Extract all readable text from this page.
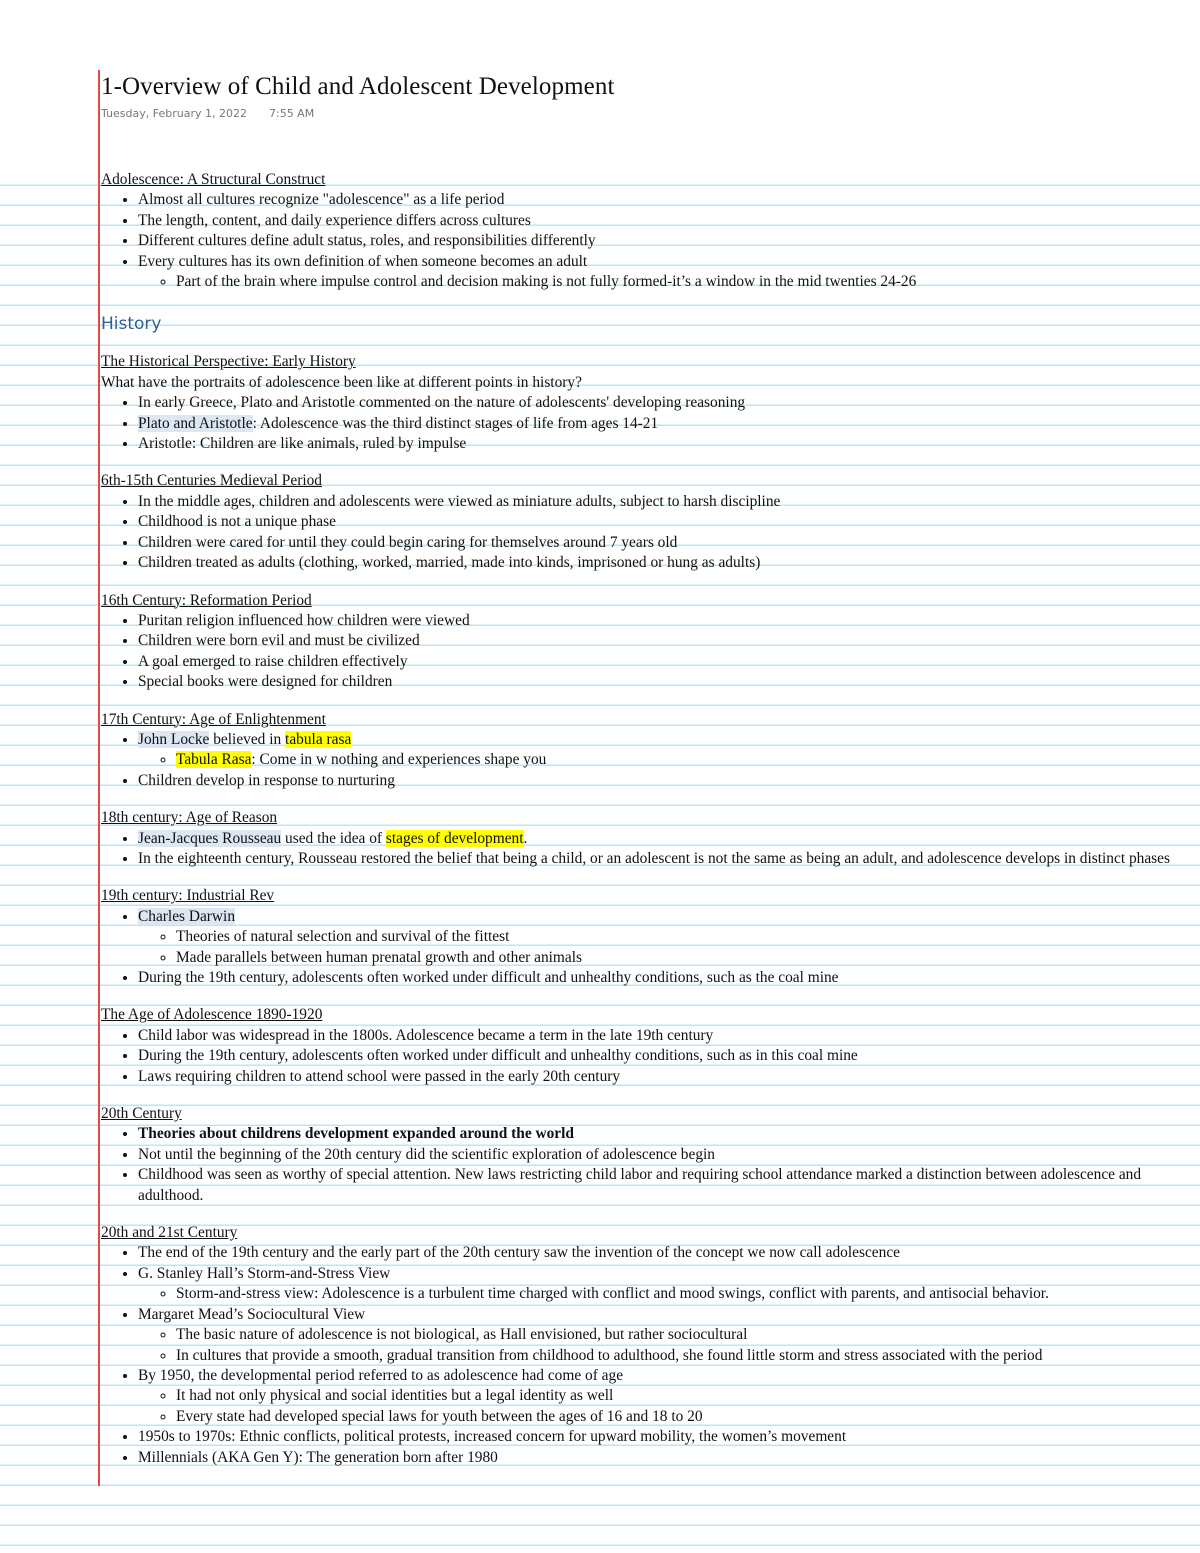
1-Overview of Child and Adolescent Development
Tuesday, February 1, 2022 7:55 AM
Adolescence: A Structural Construct
• Almost all cultures recognize "adolescence" as a life period
• The length, content, and daily experience differs across cultures
• Different cultures define adult status, roles, and responsibilities differently
• Every cultures has its own definition of when someone becomes an adult
◦ Part of the brain where impulse control and decision making is not fully formed-it’s a window in the mid twenties 24-26
History
The Historical Perspective: Early History
What have the portraits of adolescence been like at different points in history?
• In early Greece, Plato and Aristotle commented on the nature of adolescents' developing reasoning
• Plato and Aristotle: Adolescence was the third distinct stages of life from ages 14-21
• Aristotle: Children are like animals, ruled by impulse
6th-15th Centuries Medieval Period
• In the middle ages, children and adolescents were viewed as miniature adults, subject to harsh discipline
• Childhood is not a unique phase
• Children were cared for until they could begin caring for themselves around 7 years old
• Children treated as adults (clothing, worked, married, made into kinds, imprisoned or hung as adults)
16th Century: Reformation Period
• Puritan religion influenced how children were viewed
• Children were born evil and must be civilized
• A goal emerged to raise children effectively
• Special books were designed for children
17th Century: Age of Enlightenment
• John Locke believed in tabula rasa
◦ Tabula Rasa: Come in w nothing and experiences shape you
• Children develop in response to nurturing
18th century: Age of Reason
• Jean-Jacques Rousseau used the idea of stages of development.
• In the eighteenth century, Rousseau restored the belief that being a child, or an adolescent is not the same as being an adult, and adolescence develops in distinct phases
19th century: Industrial Rev
• Charles Darwin
◦ Theories of natural selection and survival of the fittest
◦ Made parallels between human prenatal growth and other animals
• During the 19th century, adolescents often worked under difficult and unhealthy conditions, such as the coal mine
The Age of Adolescence 1890-1920
• Child labor was widespread in the 1800s. Adolescence became a term in the late 19th century
• During the 19th century, adolescents often worked under difficult and unhealthy conditions, such as in this coal mine
• Laws requiring children to attend school were passed in the early 20th century
20th Century
• Theories about childrens development expanded around the world
• Not until the beginning of the 20th century did the scientific exploration of adolescence begin
• Childhood was seen as worthy of special attention. New laws restricting child labor and requiring school attendance marked a distinction between adolescence and adulthood.
20th and 21st Century
• The end of the 19th century and the early part of the 20th century saw the invention of the concept we now call adolescence
• G. Stanley Hall’s Storm-and-Stress View
◦ Storm-and-stress view: Adolescence is a turbulent time charged with conflict and mood swings, conflict with parents, and antisocial behavior.
• Margaret Mead’s Sociocultural View
◦ The basic nature of adolescence is not biological, as Hall envisioned, but rather sociocultural
◦ In cultures that provide a smooth, gradual transition from childhood to adulthood, she found little storm and stress associated with the period
• By 1950, the developmental period referred to as adolescence had come of age
◦ It had not only physical and social identities but a legal identity as well
◦ Every state had developed special laws for youth between the ages of 16 and 18 to 20
• 1950s to 1970s: Ethnic conflicts, political protests, increased concern for upward mobility, the women’s movement
• Millennials (AKA Gen Y): The generation born after 1980
